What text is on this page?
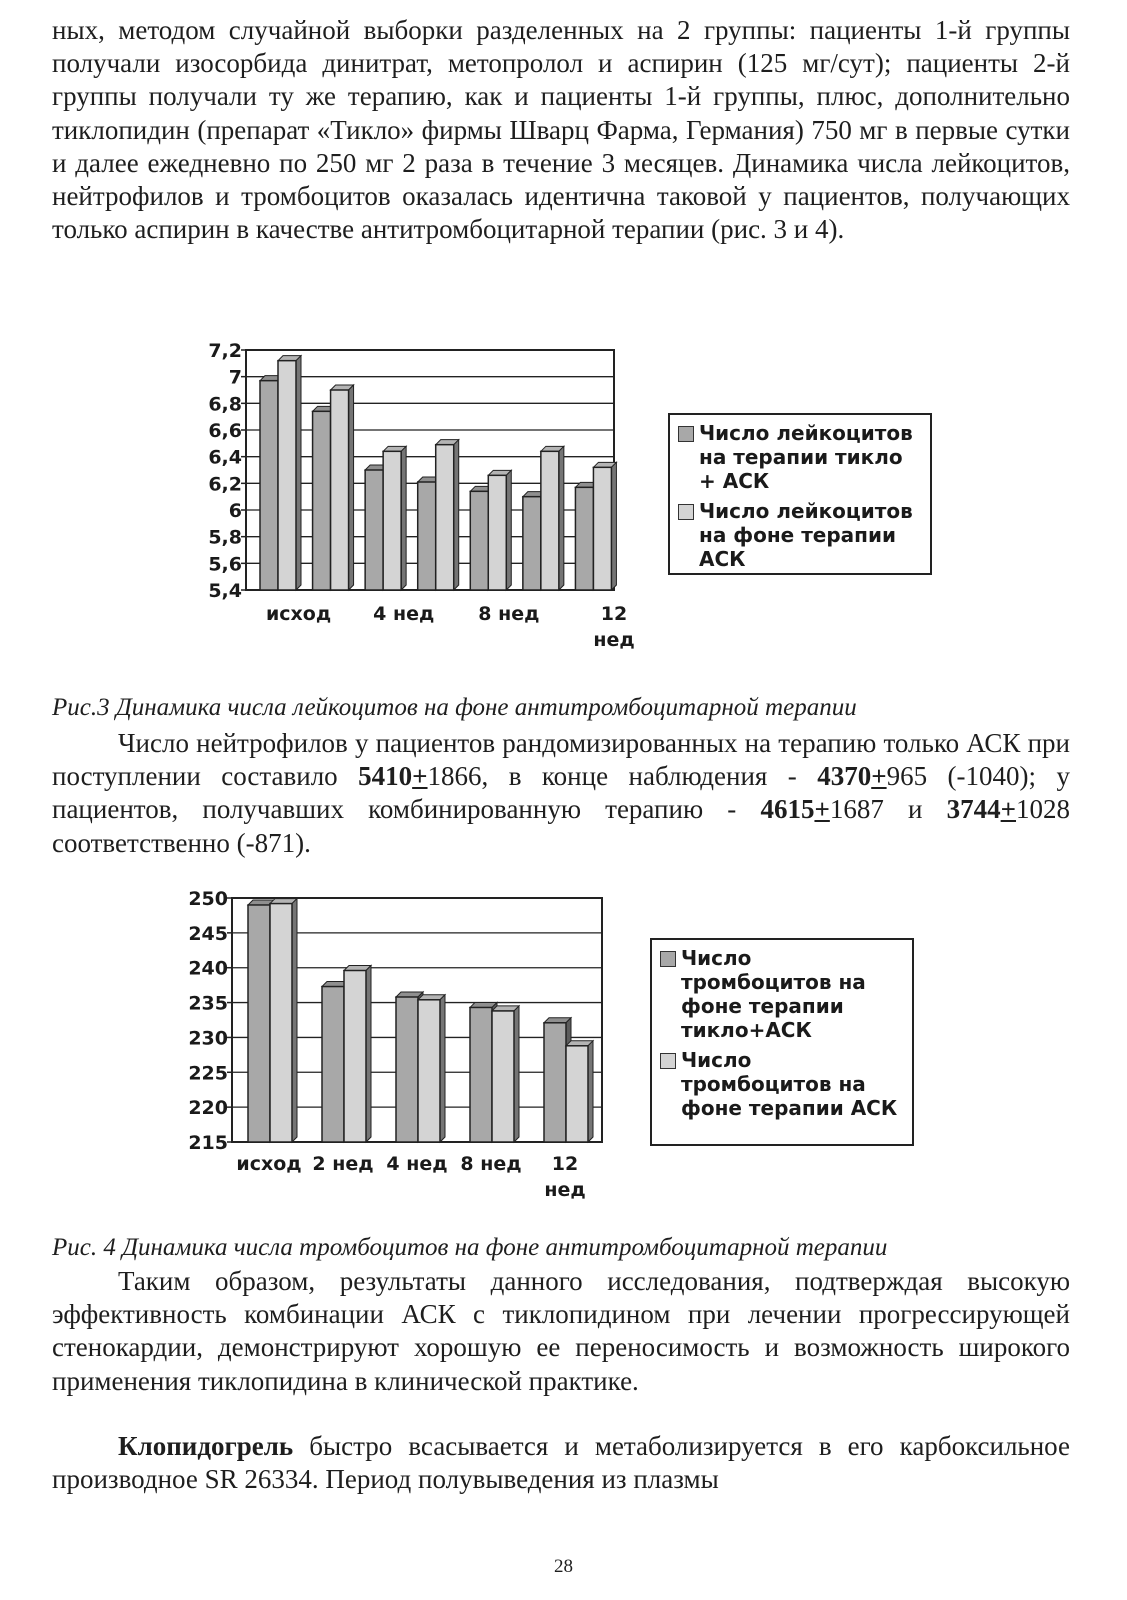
ных, методом случайной выборки разделенных на 2 группы: пациенты 1-й группы получали изосорбида динитрат, метопролол и аспирин (125 мг/сут); пациенты 2-й группы получали ту же терапию, как и пациенты 1-й группы, плюс, дополнительно тиклопидин (препарат «Тикло» фирмы Шварц Фарма, Германия) 750 мг в первые сутки и далее ежедневно по 250 мг 2 раза в течение 3 месяцев. Динамика числа лейкоцитов, нейтрофилов и тромбоцитов оказалась идентична таковой у пациентов, получающих только аспирин в качестве антитромбоцитарной терапии (рис. 3 и 4).

7,2
7
6,8
6,6
6,4
6,2
6
5,8
5,6
5,4
исход 4 нед 8 нед	12
нед
Число лейкоцитов на терапии тикло + АСК
Число лейкоцитов на фоне терапии АСК

Рис.3 Динамика числа лейкоцитов на фоне антитромбоцитарной терапии

Число нейтрофилов у пациентов рандомизированных на терапию только АСК при поступлении составило 5410+1866, в конце наблюдения - 4370+965 (-1040); у пациентов, получавших комбинированную терапию - 4615+1687 и 3744+1028 соответственно (-871).

250
245
240
235
230
225
220
215
исход 2 нед 4 нед 8 нед 12
нед
Число тромбоцитов на фоне терапии тикло+АСК
Число тромбоцитов на фоне терапии АСК

Рис. 4 Динамика числа тромбоцитов на фоне антитромбоцитарной терапии

Таким образом, результаты данного исследования, подтверждая высокую эффективность комбинации АСК с тиклопидином при лечении прогрессирующей стенокардии, демонстрируют хорошую ее переносимость и возможность широкого применения тиклопидина в клинической практике.

Клопидогрель быстро всасывается и метаболизируется в его карбоксильное производное SR 26334. Период полувыведения из плазмы

28
